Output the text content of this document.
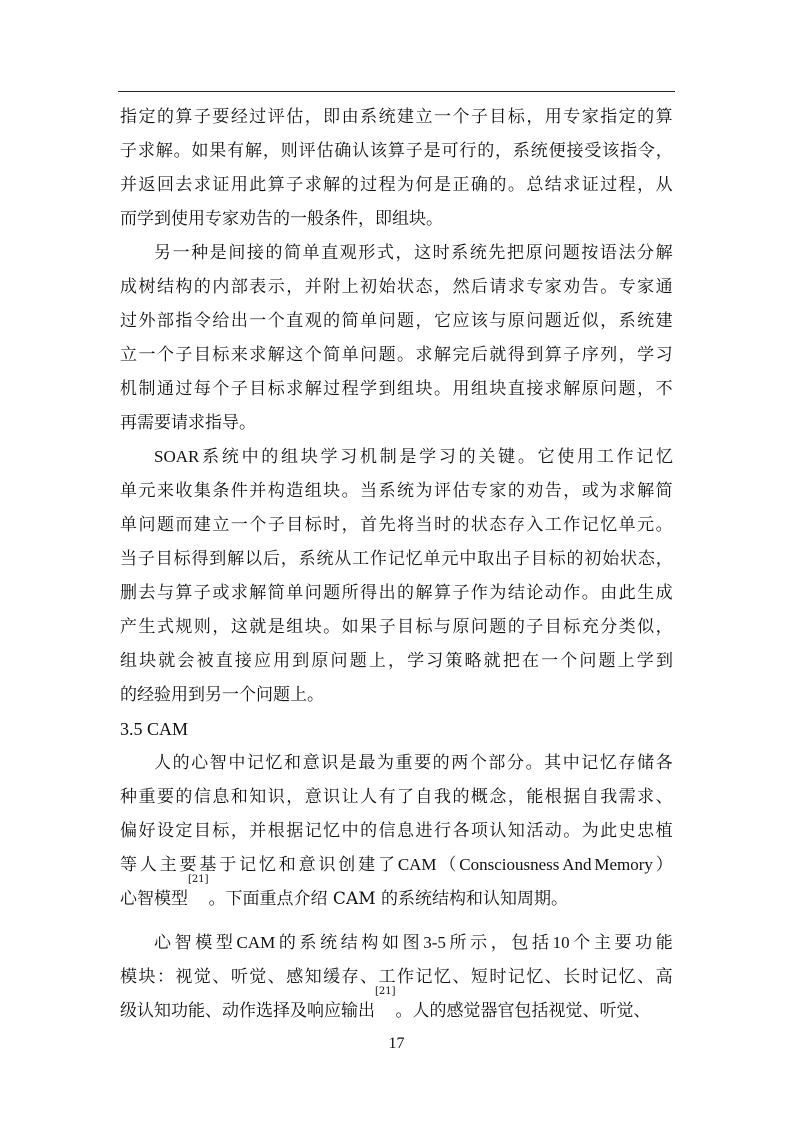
指 定 的 算 子 要 经 过 评 估 ， 即 由 系 统 建 立 一 个 子 目 标 ， 用 专 家 指 定 的 算
子 求 解 。 如 果 有 解 ， 则 评 估 确 认 该 算 子 是 可 行 的 ， 系 统 便 接 受 该 指 令 ，
并 返 回 去 求 证 用 此 算 子 求 解 的 过 程 为 何 是 正 确 的 。 总 结 求 证 过 程 ， 从
而学到使用专家劝告的一般条件，即组块。
另 一 种 是 间 接 的 简 单 直 观 形 式 ， 这 时 系 统 先 把 原 问 题 按 语 法 分 解
成 树 结 构 的 内 部 表 示 ， 并 附 上 初 始 状 态 ， 然 后 请 求 专 家 劝 告 。 专 家 通
过 外 部 指 令 给 出 一 个 直 观 的 简 单 问 题 ， 它 应 该 与 原 问 题 近 似 ， 系 统 建
立 一 个 子 目 标 来 求 解 这 个 简 单 问 题 。 求 解 完 后 就 得 到 算 子 序 列 ， 学 习
机 制 通 过 每 个 子 目 标 求 解 过 程 学 到 组 块 。 用 组 块 直 接 求 解 原 问 题 ， 不
再需要请求指导。
SOAR 系 统 中 的 组 块 学 习 机 制 是 学 习 的 关 键 。 它 使 用 工 作 记 忆
单 元 来 收 集 条 件 并 构 造 组 块 。 当 系 统 为 评 估 专 家 的 劝 告 ， 或 为 求 解 简
单 问 题 而 建 立 一 个 子 目 标 时 ， 首 先 将 当 时 的 状 态 存 入 工 作 记 忆 单 元 。
当 子 目 标 得 到 解 以 后 ， 系 统 从 工 作 记 忆 单 元 中 取 出 子 目 标 的 初 始 状 态 ，
删 去 与 算 子 或 求 解 简 单 问 题 所 得 出 的 解 算 子 作 为 结 论 动 作 。 由 此 生 成
产 生 式 规 则 ， 这 就 是 组 块 。 如 果 子 目 标 与 原 问 题 的 子 目 标 充 分 类 似 ，
组 块 就 会 被 直 接 应 用 到 原 问 题 上 ， 学 习 策 略 就 把 在 一 个 问 题 上 学 到
的经验用到另一个问题上。
3.5 CAM
人 的 心 智 中 记 忆 和 意 识 是 最 为 重 要 的 两 个 部 分 。 其 中 记 忆 存 储 各
种 重 要 的 信 息 和 知 识 ， 意 识 让 人 有 了 自 我 的 概 念 ， 能 根 据 自 我 需 求 、
偏 好 设 定 目 标 ， 并 根 据 记 忆 中 的 信 息 进 行 各 项 认 知 活 动 。 为 此 史 忠 植
等 人 主 要 基 于 记 忆 和 意 识 创 建 了 CAM （ Consciousness And Memory ）
心智模型
[21]
。下面重点介绍 CAM 的系统结构和认知周期。
心 智 模 型 CAM 的 系 统 结 构 如 图 3-5 所 示 ， 包 括 10 个 主 要 功 能
模 块 ： 视 觉 、 听 觉 、 感 知 缓 存 、 工 作 记 忆 、 短 时 记 忆 、 长 时 记 忆 、 高
级认知功能、动作选择及响应输出
[21]
。人的感觉器官包括视觉、听觉、
17
